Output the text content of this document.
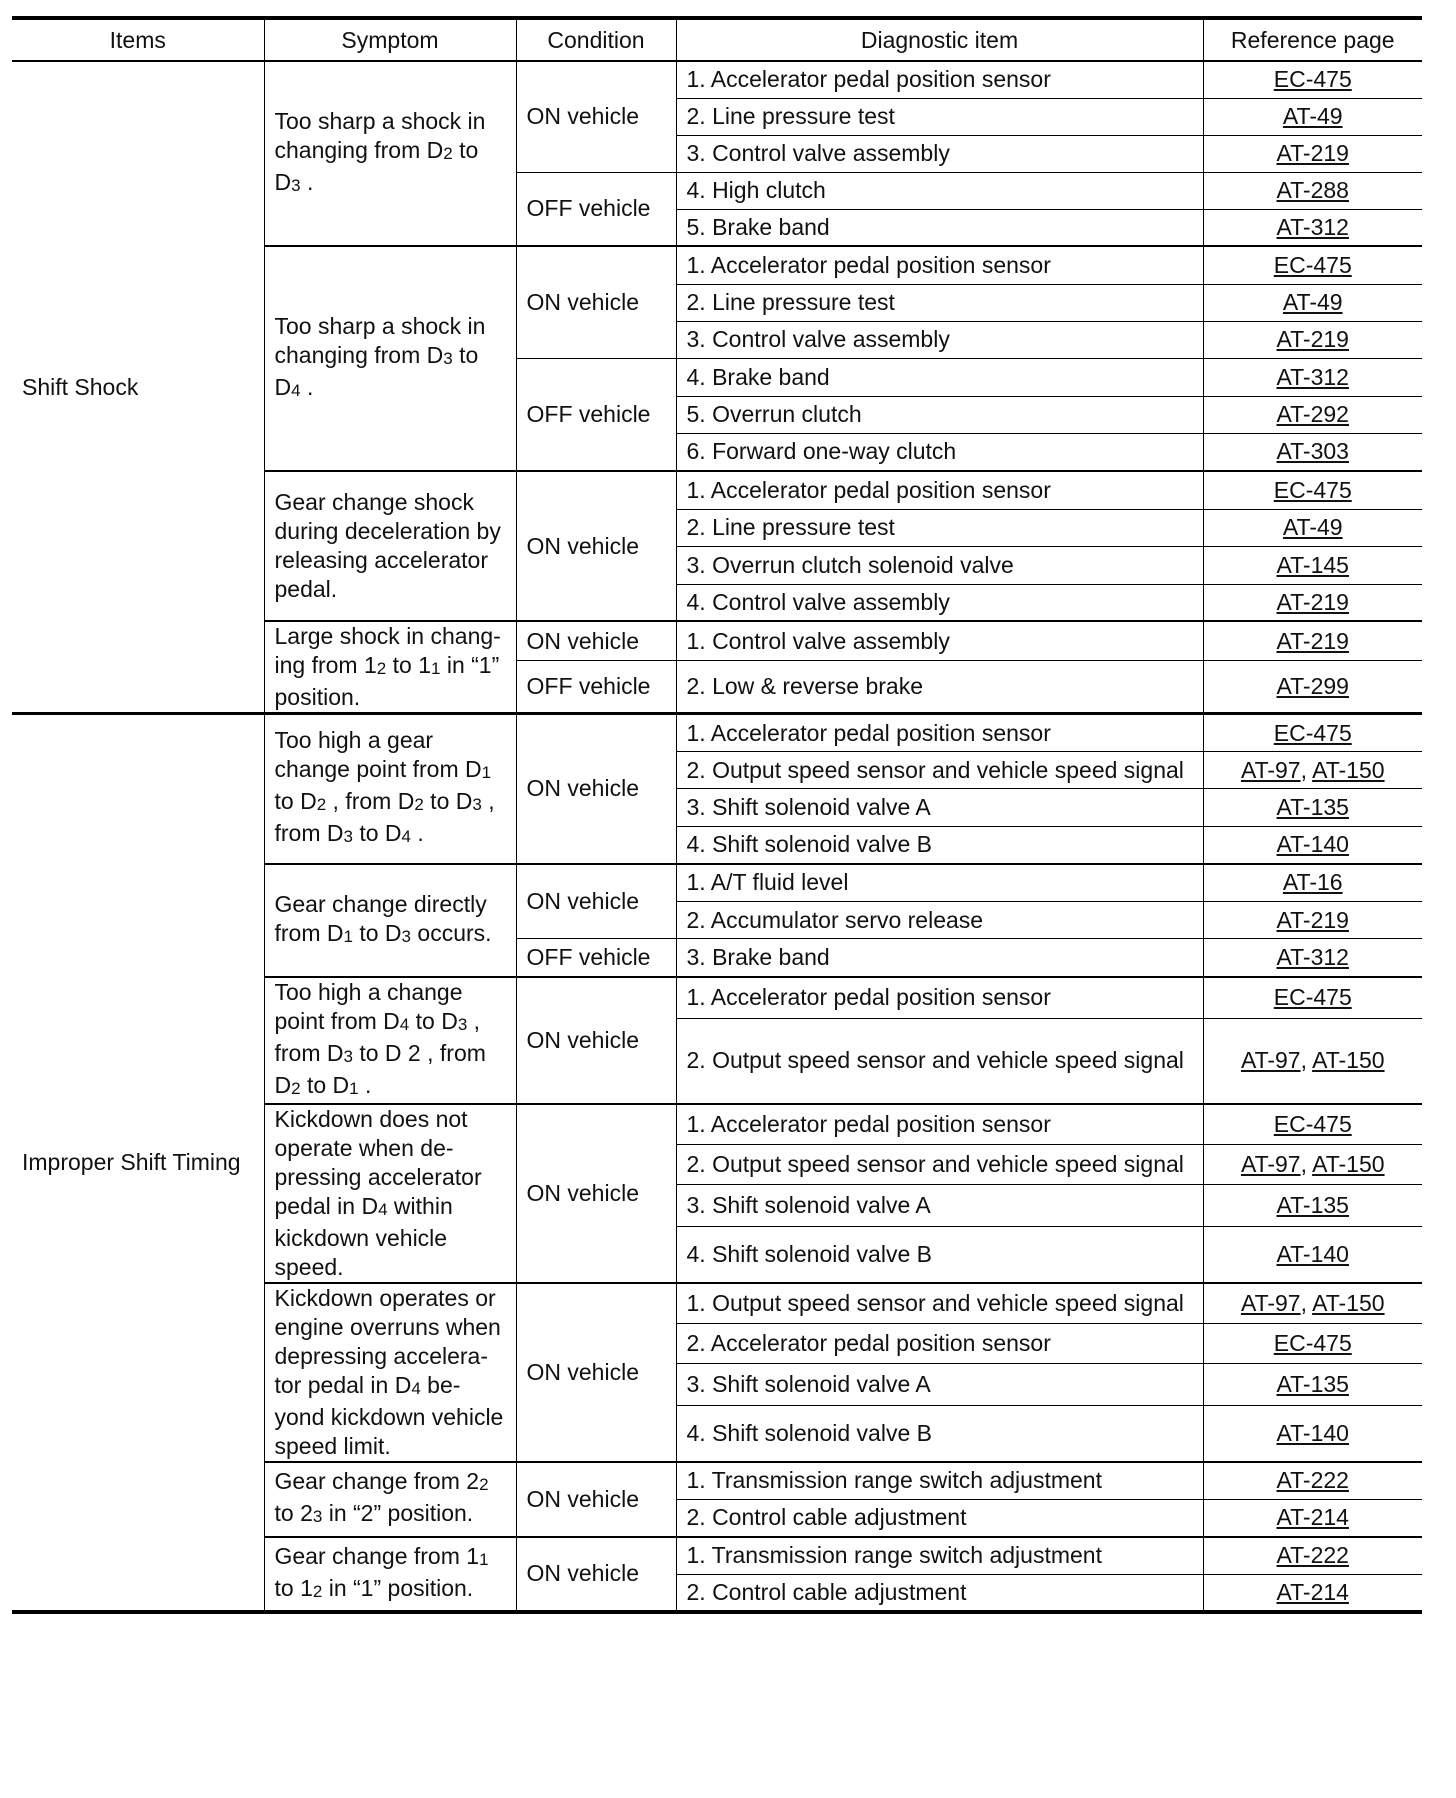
Items	Symptom	Condition	Diagnostic item	Reference page
Shift Shock	Too sharp a shock in changing from D2 to D3 .	ON vehicle	1. Accelerator pedal position sensor	EC-475
			2. Line pressure test	AT-49
			3. Control valve assembly	AT-219
		OFF vehicle	4. High clutch	AT-288
			5. Brake band	AT-312
	Too sharp a shock in changing from D3 to D4 .	ON vehicle	1. Accelerator pedal position sensor	EC-475
			2. Line pressure test	AT-49
			3. Control valve assembly	AT-219
		OFF vehicle	4. Brake band	AT-312
			5. Overrun clutch	AT-292
			6. Forward one-way clutch	AT-303
	Gear change shock during deceleration by releasing accelerator pedal.	ON vehicle	1. Accelerator pedal position sensor	EC-475
			2. Line pressure test	AT-49
			3. Overrun clutch solenoid valve	AT-145
			4. Control valve assembly	AT-219
	Large shock in chang-ing from 12 to 11 in “1” position.	ON vehicle	1. Control valve assembly	AT-219
		OFF vehicle	2. Low & reverse brake	AT-299
Improper Shift Timing	Too high a gear change point from D1 to D2 , from D2 to D3 , from D3 to D4 .	ON vehicle	1. Accelerator pedal position sensor	EC-475
			2. Output speed sensor and vehicle speed signal	AT-97, AT-150
			3. Shift solenoid valve A	AT-135
			4. Shift solenoid valve B	AT-140
	Gear change directly from D1 to D3 occurs.	ON vehicle	1. A/T fluid level	AT-16
			2. Accumulator servo release	AT-219
		OFF vehicle	3. Brake band	AT-312
	Too high a change point from D4 to D3 , from D3 to D 2 , from D2 to D1 .	ON vehicle	1. Accelerator pedal position sensor	EC-475
			2. Output speed sensor and vehicle speed signal	AT-97, AT-150
	Kickdown does not operate when de-pressing accelerator pedal in D4 within kickdown vehicle speed.	ON vehicle	1. Accelerator pedal position sensor	EC-475
			2. Output speed sensor and vehicle speed signal	AT-97, AT-150
			3. Shift solenoid valve A	AT-135
			4. Shift solenoid valve B	AT-140
	Kickdown operates or engine overruns when depressing accelera-tor pedal in D4 be-yond kickdown vehicle speed limit.	ON vehicle	1. Output speed sensor and vehicle speed signal	AT-97, AT-150
			2. Accelerator pedal position sensor	EC-475
			3. Shift solenoid valve A	AT-135
			4. Shift solenoid valve B	AT-140
	Gear change from 22 to 23 in “2” position.	ON vehicle	1. Transmission range switch adjustment	AT-222
			2. Control cable adjustment	AT-214
	Gear change from 11 to 12 in “1” position.	ON vehicle	1. Transmission range switch adjustment	AT-222
			2. Control cable adjustment	AT-214
